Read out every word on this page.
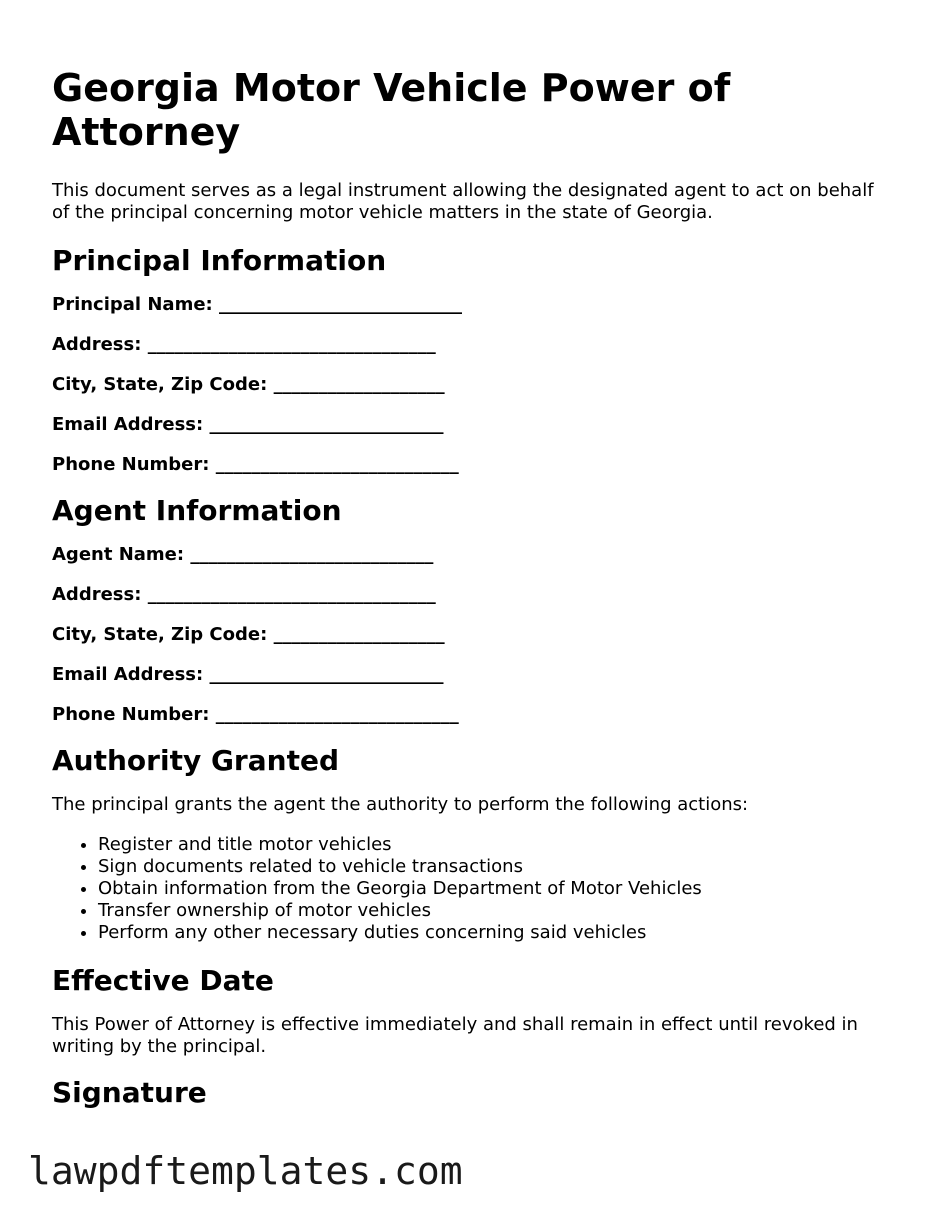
Georgia Motor Vehicle Power of Attorney

This document serves as a legal instrument allowing the designated agent to act on behalf of the principal concerning motor vehicle matters in the state of Georgia.

Principal Information
Principal Name: ___________________________
Address: ________________________________
City, State, Zip Code: ___________________
Email Address: __________________________
Phone Number: ___________________________
Agent Information
Agent Name: ___________________________
Address: ________________________________
City, State, Zip Code: ___________________
Email Address: __________________________
Phone Number: ___________________________
Authority Granted

The principal grants the agent the authority to perform the following actions:

• Register and title motor vehicles
• Sign documents related to vehicle transactions
• Obtain information from the Georgia Department of Motor Vehicles
• Transfer ownership of motor vehicles
• Perform any other necessary duties concerning said vehicles
Effective Date

This Power of Attorney is effective immediately and shall remain in effect until revoked in writing by the principal.

Signature
lawpdftemplates.com
